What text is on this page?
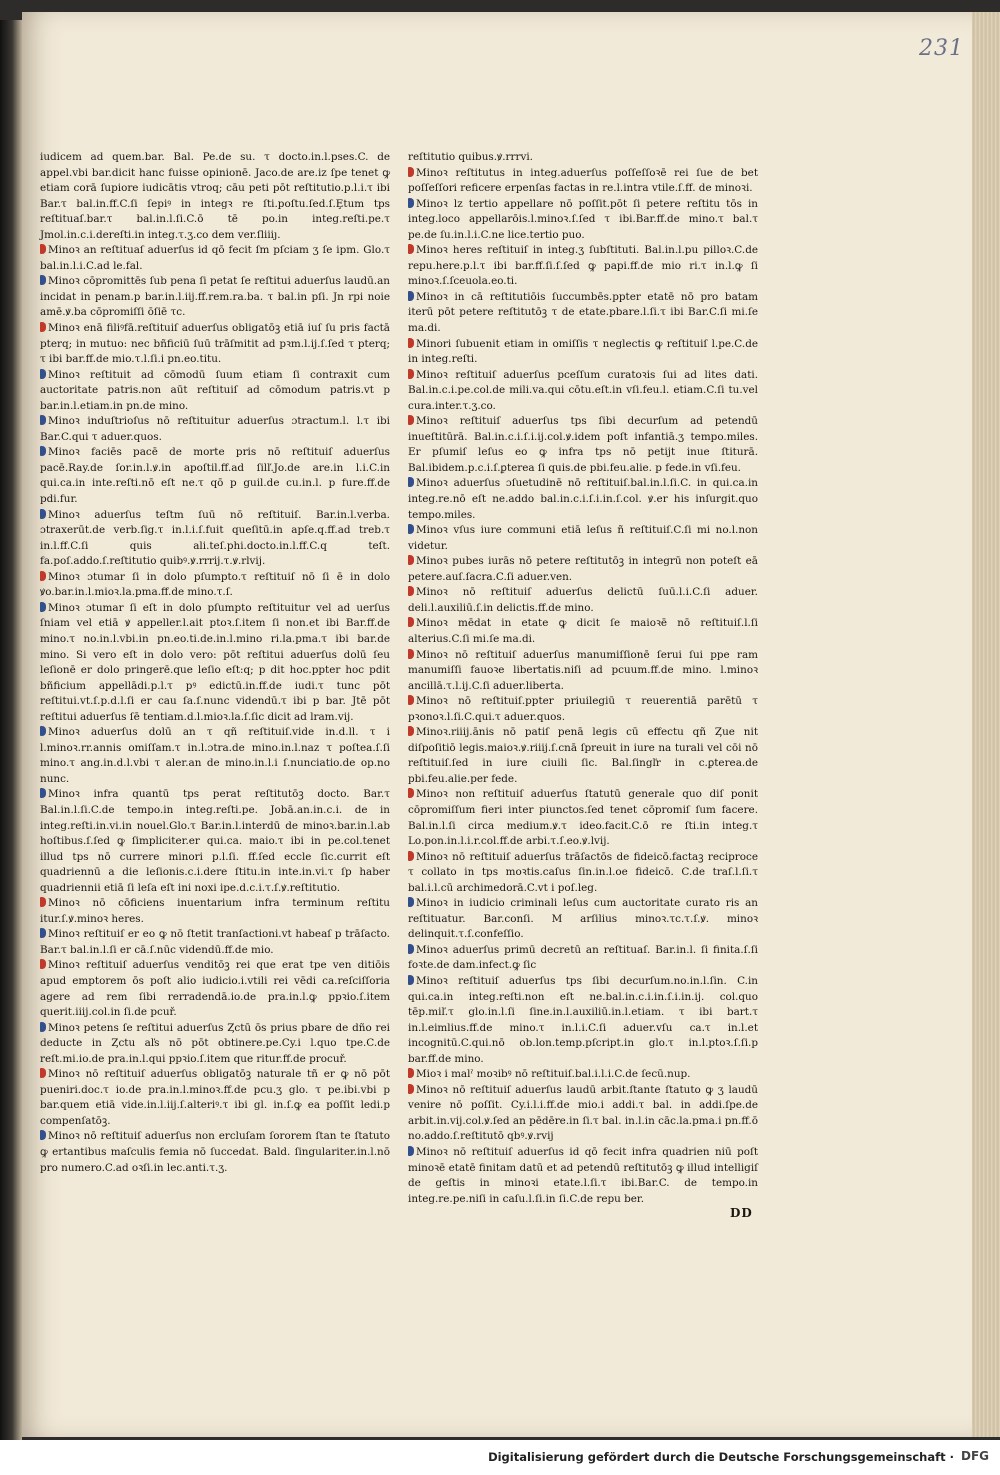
231

iudicem ad quem.bar. Bal. Pe.de su. τ docto.in.l.pses.C. de appel.vbi bar.dicit hanc fuisse opinionē. Jaco.de are.iz ſpe tenet ꝙ etiam corā ſupiore iudicātis vtroq; cāu peti pōt reſtitutio.p.l.i.τ ibi Bar.τ bal.in.ff.C.ſi ſepiꝰ in integꝛ re ſti.poſtu.ſed.ſ.Ȩtum tps reſtituaſ.bar.τ bal.in.l.ſi.C.ō tē po.in integ.reſti.pe.τ Jmol.in.c.i.dereſti.in integ.τ.ʒ.co dem ver.ſliiiȷ.

Minoꝛ an reſtituaſ aduerſus id qō fecit ſm pſciam ʒ ſe ipm. Glo.τ bal.in.l.i.C.ad le.fal.

Minoꝛ cōpromittēs ſub pena ſi petat ſe reſtitui aduerſus laudū.an incidat in penam.p bar.in.l.iij.ff.rem.ra.ba. τ bal.in pſi. Jn rpi noie amē.ꝟ.ba cōpromiſſi ōſiē τc.

Minoꝛ enā filiꝰfā.reſtituiſ aduerſus obligatōꝫ etiā iuſ ſu pris factā pterq; in mutuo: nec bñficiū ſuū trāſmitit ad pꝛm.l.ij.ſ.ſed τ pterq; τ ibi bar.ff.de mio.τ.l.ſi.i pn.eo.titu.

Minoꝛ reſtituit ad cōmodū ſuum etiam ſi contraxit cum auctoritate patris.non aūt reſtituiſ ad cōmodum patris.vt p bar.in.l.etiam.in pn.de mino.

Minoꝛ induſtrioſus nō reſtituitur aduerſus ɔtractum.l. l.τ ibi Bar.C.qui τ aduer.quos.

Minoꝛ faciēs pacē de morte pris nō reſtituiſ aduerſus pacē.Ray.de ſor.in.l.ꝟ.in apoſtil.ff.ad ſilľ.Jo.de are.in l.i.C.in qui.ca.in inte.reſti.nō eſt ne.τ qō p guil.de cu.in.l. p fure.ff.de pdi.fur.

Minoꝛ aduerſus teſtm ſuū nō reſtituiſ. Bar.in.l.verba. ɔtraxerūt.de verb.ſig.τ in.l.i.ſ.fuit queſitū.in apſe.q.ff.ad treb.τ in.l.ff.C.ſi quis ali.teſ.phi.docto.in.l.ff.C.q teſt. fa.poſ.addo.ſ.reſtitutio quibꝰ.ꝟ.rrrij.τ.ꝟ.rlvij.

Minoꝛ ɔtumar ſi in dolo pſumpto.τ reſtituiſ nō ſi ē in dolo ꝟo.bar.in.l.mioꝛ.la.pma.ff.de mino.τ.ſ.

Minoꝛ ɔtumar ſi eſt in dolo pſumpto reſtituitur vel ad uerſus ſniam vel etiā ꝟ appeller.l.ait ptoꝛ.ſ.item ſi non.et ibi Bar.ff.de mino.τ no.in.l.vbi.in pn.eo.ti.de.in.l.mino ri.la.pma.τ ibi bar.de mino. Si vero eſt in dolo vero: pōt reſtitui aduerſus dolū ſeu leſionē er dolo pringerē.que leſio eſt:q; p dit hoc.ppter hoc pdit bñficium appellādi.p.l.τ pꝰ edictū.in.ff.de iudi.τ tunc pōt reſtitui.vt.ſ.p.d.l.ſi er cau ſa.ſ.nunc videndū.τ ibi p bar. Jtē pōt reſtitui aduerſus ſē tentiam.d.l.mioꝛ.la.ſ.ſic dicit ad lram.vij.

Minoꝛ aduerſus dolū an τ qñ reſtituiſ.vide in.d.ll. τ i l.minoꝛ.rr.annis omiſſam.τ in.l.ɔtra.de mino.in.l.naz τ poſtea.ſ.ſi mino.τ ang.in.d.l.vbi τ aler.an de mino.in.l.i ſ.nunciatio.de op.no nunc.

Minoꝛ infra quantū tps perat reſtitutōꝫ docto. Bar.τ Bal.in.l.ſi.C.de tempo.in integ.reſti.pe. Jobā.an.in.c.i. de in integ.reſti.in.vi.in nouel.Glo.τ Bar.in.l.interdū de minoꝛ.bar.in.l.ab hoſtibus.ſ.ſed ꝙ ſimpliciter.er qui.ca. maio.τ ibi in pe.col.tenet illud tps nō currere minori p.l.ſi. ff.ſed eccle ſic.currit eſt quadriennū a die leſionis.c.i.dere ſtitu.in inte.in.vi.τ ſp haber quadriennii etiā ſi leſa eſt ini noxi ipe.d.c.i.τ.ſ.ꝟ.reſtitutio.

Minoꝛ nō cōficiens inuentarium infra terminum reſtitu itur.ſ.ꝟ.minoꝛ heres.

Minoꝛ reſtituiſ er eo ꝙ nō ſtetit tranſactioni.vt habeaſ p trāſacto. Bar.τ bal.in.l.ſi er cā.ſ.nūc videndū.ff.de mio.

Minoꝛ reſtituiſ aduerſus venditōꝫ rei que erat tpe ven ditiōis apud emptorem ōs poſt alio iudicio.i.vtili rei vēdi ca.reſciſſoria agere ad rem ſibi rerradendā.io.de pra.in.l.ꝙ ppꝛio.ſ.item querit.iiij.col.in ſi.de pcuř.

Minoꝛ petens ſe reſtitui aduerſus Ȥctū ōs prius pbare de dño rei deducte in Ȥctu aľs nō pōt obtinere.pe.Cy.i l.quo tpe.C.de reſt.mi.io.de pra.in.l.qui ppꝛio.ſ.item que ritur.ff.de procuř.

Minoꝛ nō reſtituiſ aduerſus obligatōꝫ naturale tñ er ꝙ nō pōt pueniri.doc.τ io.de pra.in.l.minoꝛ.ff.de pcu.ʒ glo. τ pe.ibi.vbi p bar.quem etiā vide.in.l.iij.ſ.alteriꝰ.τ ibi gl. in.ſ.ꝙ ea poſſit ledi.p compenſatōꝫ.

Minoꝛ nō reſtituiſ aduerſus non ercluſam ſororem ſtan te ſtatuto ꝙ ertantibus maſculis femia nō ſuccedat. Bald. ſingulariter.in.l.nō pro numero.C.ad oꝛſi.in lec.anti.τ.ʒ.

reſtitutio quibus.ꝟ.rrrvi.

Minoꝛ reſtitutus in integ.aduerſus poſſeſſoꝛē rei ſue de bet poſſeſſori reficere erpenſas factas in re.l.intra vtile.ſ.ff. de minoꝛi.

Minoꝛ lz tertio appellare nō poſſit.pōt ſi petere reſtitu tōs in integ.loco appellarōis.l.minoꝛ.ſ.ſed τ ibi.Bar.ff.de mino.τ bal.τ pe.de ſu.in.l.i.C.ne lice.tertio puo.

Minoꝛ heres reſtituiſ in integ.ʒ ſubſtituti. Bal.in.l.pu pilloꝛ.C.de repu.here.p.l.τ ibi bar.ff.ſi.ſ.ſed ꝙ papi.ff.de mio ri.τ in.l.ꝙ ſi minoꝛ.ſ.ſceuola.eo.ti.

Minoꝛ in cā reſtitutiōis ſuccumbēs.ppter etatē nō pro batam iterū pōt petere reſtitutōꝫ τ de etate.pbare.l.ſi.τ ibi Bar.C.ſi mi.ſe ma.di.

Minori ſubuenit etiam in omiſſis τ neglectis ꝙ reſtituiſ l.pe.C.de in integ.reſti.

Minoꝛ reſtituiſ aduerſus pceſſum curatoꝛis ſui ad lites dati. Bal.in.c.i.pe.col.de mili.va.qui cōtu.eſt.in vſi.feu.l. etiam.C.ſi tu.vel cura.inter.τ.ʒ.co.

Minoꝛ reſtituiſ aduerſus tps ſibi decurſum ad petendū inueſtitūrā. Bal.in.c.i.ſ.i.ij.col.ꝟ.idem poſt infantiā.ʒ tempo.miles. Er pſumiſ leſus eo ꝙ infra tps nō petijt inue ſtiturā. Bal.ibidem.p.c.i.ſ.ꝑterea ſi quis.de pbi.feu.alie. p fede.in vſi.feu.

Minoꝛ aduerſus ɔſuetudinē nō reſtituiſ.bal.in.l.ſi.C. in qui.ca.in integ.re.nō eſt ne.addo bal.in.c.i.ſ.i.in.ſ.col. ꝟ.er his inſurgit.quo tempo.miles.

Minoꝛ vſus iure communi etiā leſus ñ reſtituiſ.C.ſi mi no.l.non videtur.

Minoꝛ pubes iurās nō petere reſtitutōꝫ in integrū non poteſt eā petere.auſ.ſacra.C.ſi aduer.ven.

Minoꝛ nō reſtituiſ aduerſus delictū ſuū.l.i.C.ſi aduer. deli.l.auxiliū.ſ.in delictis.ff.de mino.

Minoꝛ mēdat in etate ꝙ dicit ſe maioꝛē nō reſtituiſ.l.ſi alterius.C.ſi mi.ſe ma.di.

Minoꝛ nō reſtituiſ aduerſus manumiſſionē ſerui ſui ppe ram manumiſſi fauoꝛe libertatis.niſi ad pcuum.ff.de mino. l.minoꝛ ancillā.τ.l.ij.C.ſi aduer.liberta.

Minoꝛ nō reſtituiſ.ppter priuilegiū τ reuerentiā parētū τ pꝛonoꝛ.l.ſi.C.qui.τ aduer.quos.

Minoꝛ.riiij.ānis nō patiſ penā legis cū effectu qñ Ȥue nit diſpoſitiō legis.maioꝛ.ꝟ.riiij.ſ.cnā ſpreuit in iure na turali vel cōi nō reſtituiſ.ſed in iure ciuili ſic. Bal.ſingľr in c.ꝑterea.de pbi.feu.alie.per fede.

Minoꝛ non reſtituiſ aduerſus ſtatutū generale quo diſ ponit cōpromiſſum fieri inter piunctos.ſed tenet cōpromiſ ſum facere. Bal.in.l.ſi circa medium.ꝟ.τ ideo.facit.C.ō re ſti.in integ.τ Lo.pon.in.l.i.r.col.ff.de arbi.τ.ſ.eo.ꝟ.lvij.

Minoꝛ nō reſtituiſ aduerſus trāſactōs de fideicō.factaꝫ reciproce τ collato in tps moꝛtis.caſus ſin.in.l.oe fideicō. C.de traſ.l.ſi.τ bal.i.l.cū archimedorā.C.vt i poſ.leg.

Minoꝛ in iudicio criminali leſus cum auctoritate curato ris an reſtituatur. Bar.conſi. M arſilius minoꝛ.τc.τ.ſ.ꝟ. minoꝛ delinquit.τ.ſ.confeſſio.

Minoꝛ aduerſus primū decretū an reſtituaſ. Bar.in.l. ſi finita.ſ.ſi foꝛte.de dam.infect.ꝙ ſic

Minoꝛ reſtituiſ aduerſus tps ſibi decurſum.no.in.l.ſin. C.in qui.ca.in integ.reſti.non eſt ne.bal.in.c.i.in.ſ.i.in.ij. col.quo tēp.miľ.τ glo.in.l.ſi ſine.in.l.auxiliū.in.l.etiam. τ ibi bart.τ in.l.eimlius.ff.de mino.τ in.l.i.C.ſi aduer.vſu ca.τ in.l.et incognitū.C.qui.nō ob.lon.temp.pſcript.in glo.τ in.l.ptoꝛ.ſ.ſi.p bar.ff.de mino.

Mioꝛ i malˀ moꝛibꝰ nō reſtituiſ.bal.i.l.i.C.de ſecū.nup.

Minoꝛ nō reſtituiſ aduerſus laudū arbit.ſtante ſtatuto ꝙ ʒ laudū venire nō poſſit. Cy.i.l.i.ff.de mio.i addi.τ bal. in addi.ſpe.de arbit.in.vij.col.ꝟ.ſed an pēdēre.in ſi.τ bal. in.l.in cāc.la.pma.i pn.ff.ō no.addo.ſ.reſtitutō qbꝰ.ꝟ.rvij

Minoꝛ nō reſtituiſ aduerſus id qō fecit infra quadrien niū poſt minoꝛē etatē finitam datū et ad petendū reſtitutōꝫ ꝙ illud intelligiſ de geſtis in minoꝛi etate.l.ſi.τ ibi.Bar.C. de tempo.in integ.re.pe.niſi in caſu.l.ſi.in ſi.C.de repu ber.

DD
Digitalisierung gefördert durch die Deutsche Forschungsgemeinschaft · DFG
